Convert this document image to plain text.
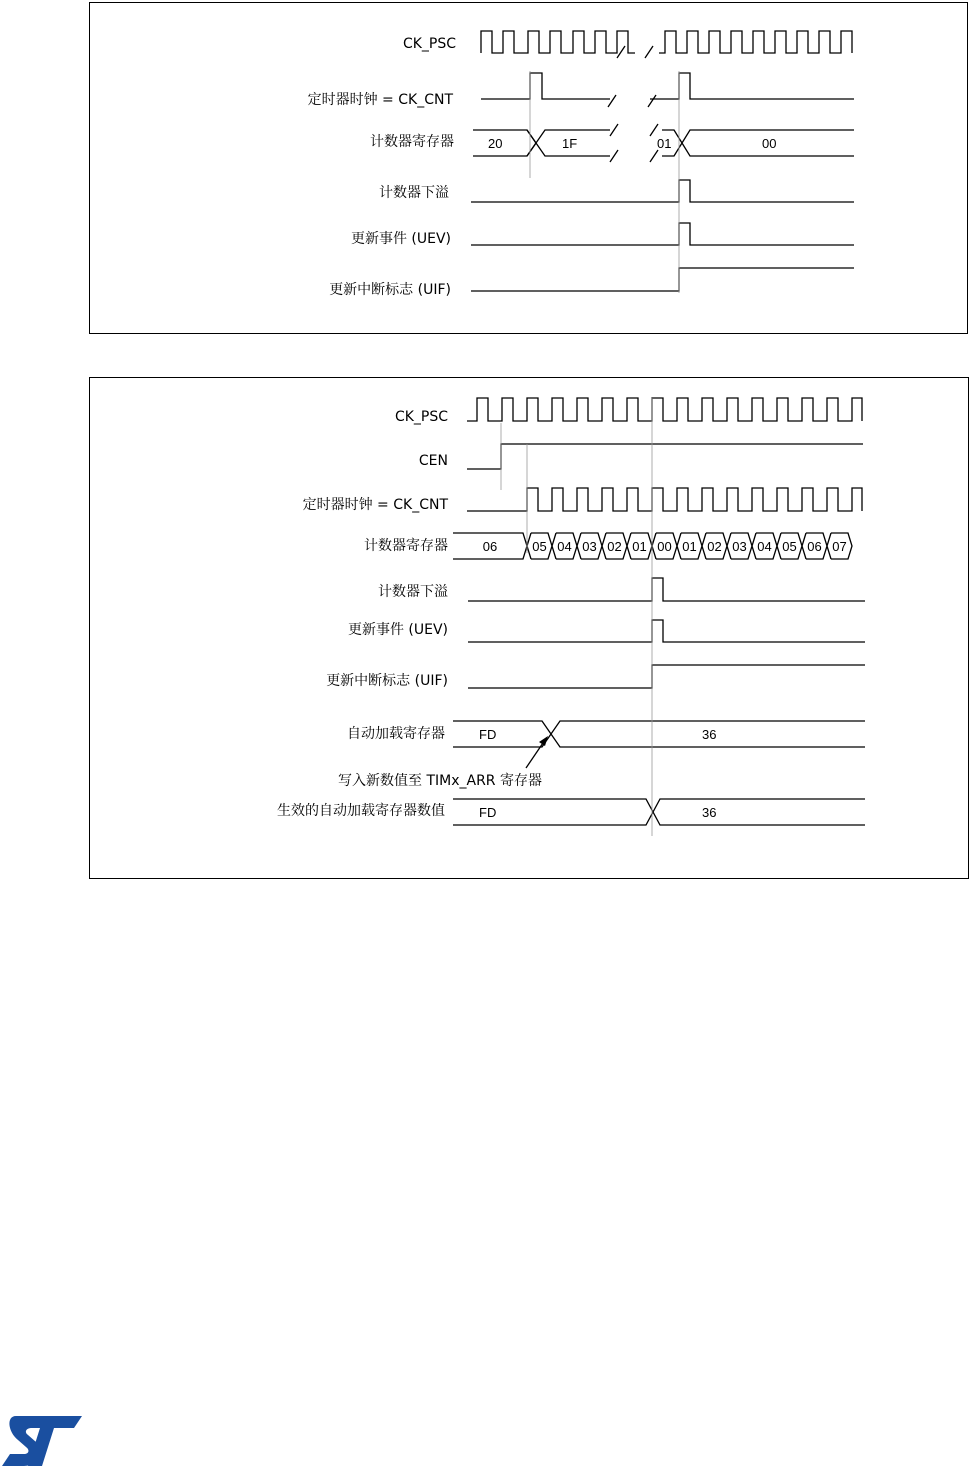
CK_PSC
定时器时钟 = CK_CNT
计数器寄存器
计数器下溢
更新事件 (UEV)
更新中断标志 (UIF)
20	1F	01	00
CK_PSC
CEN
定时器时钟 = CK_CNT
计数器寄存器
计数器下溢
更新事件 (UEV)
更新中断标志 (UIF)
自动加载寄存器
写入新数值至 TIMx_ARR 寄存器
生效的自动加载寄存器数值
06	05 04 03 02 01 00 01 02 03 04 05 06 07
FD	36
FD	36
